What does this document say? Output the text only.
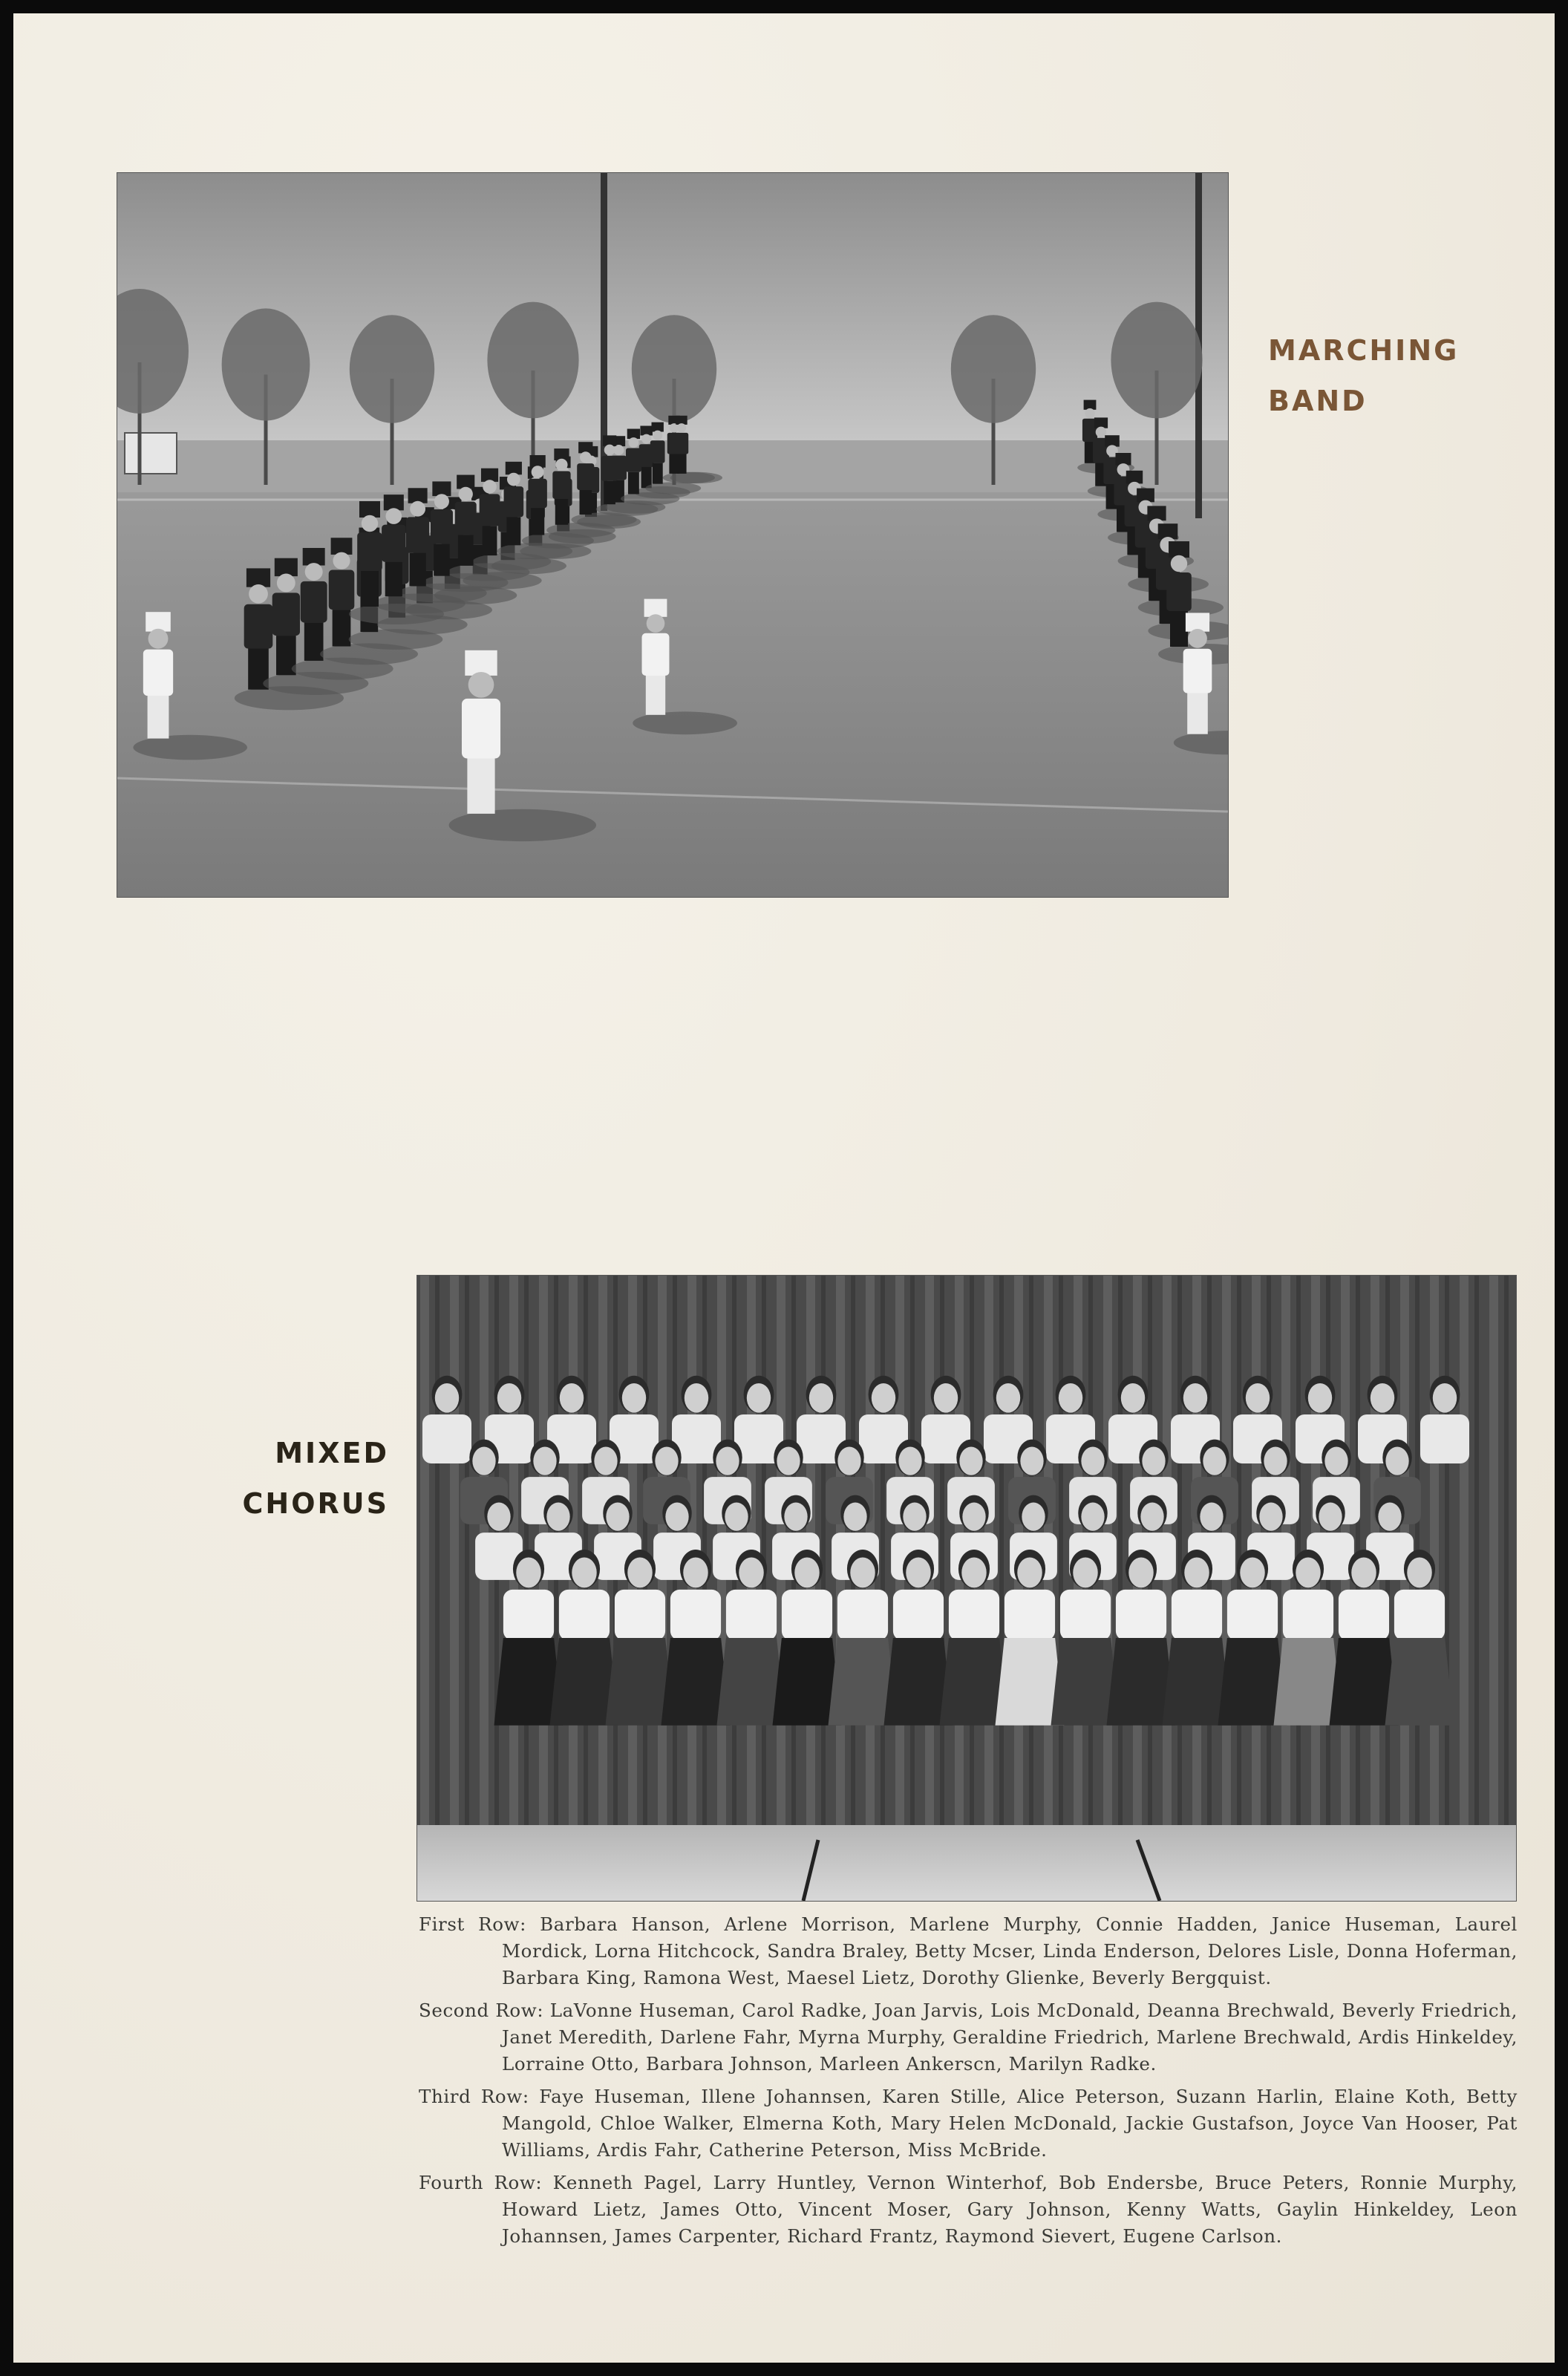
MARCHING
BAND
MIXED
CHORUS
First Row: Barbara Hanson, Arlene Morrison, Marlene Murphy, Connie Hadden, Janice Huseman, Laurel Mordick, Lorna Hitchcock, Sandra Braley, Betty Mcser, Linda Enderson, Delores Lisle, Donna Hoferman, Barbara King, Ramona West, Maesel Lietz, Dorothy Glienke, Beverly Bergquist.
Second Row: LaVonne Huseman, Carol Radke, Joan Jarvis, Lois McDonald, Deanna Brechwald, Beverly Friedrich, Janet Meredith, Darlene Fahr, Myrna Murphy, Geraldine Friedrich, Marlene Brechwald, Ardis Hinkeldey, Lorraine Otto, Barbara Johnson, Marleen Ankerscn, Marilyn Radke.
Third Row: Faye Huseman, Illene Johannsen, Karen Stille, Alice Peterson, Suzann Harlin, Elaine Koth, Betty Mangold, Chloe Walker, Elmerna Koth, Mary Helen McDonald, Jackie Gustafson, Joyce Van Hooser, Pat Williams, Ardis Fahr, Catherine Peterson, Miss McBride.
Fourth Row: Kenneth Pagel, Larry Huntley, Vernon Winterhof, Bob Endersbe, Bruce Peters, Ronnie Murphy, Howard Lietz, James Otto, Vincent Moser, Gary Johnson, Kenny Watts, Gaylin Hinkeldey, Leon Johannsen, James Carpenter, Richard Frantz, Raymond Sievert, Eugene Carlson.
